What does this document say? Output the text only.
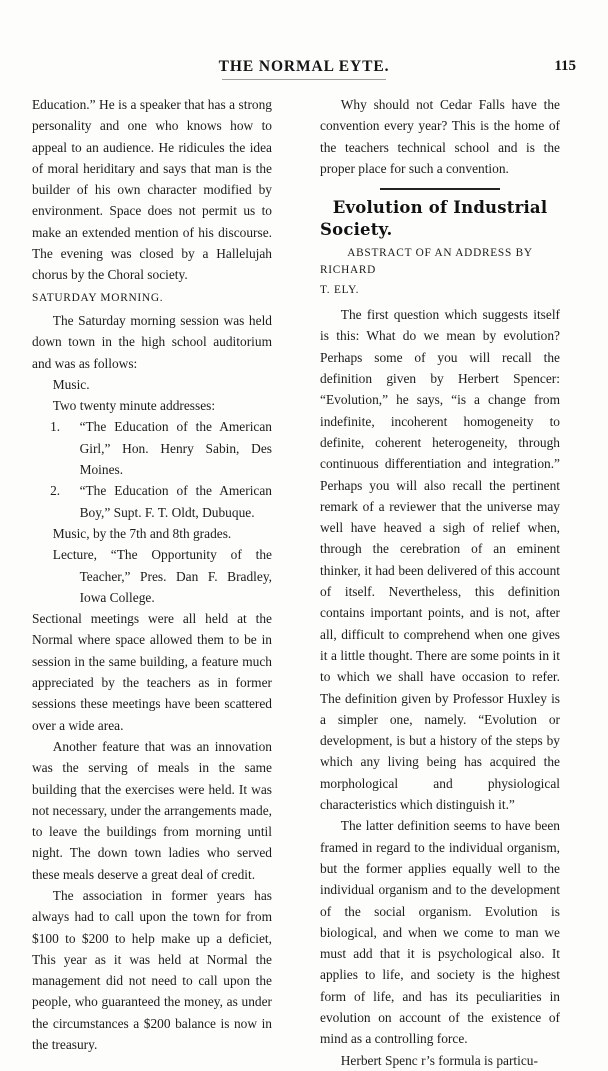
THE NORMAL EYTE.	115

Education.” He is a speaker that has a strong personality and one who knows how to appeal to an audience. He ridicules the idea of moral heriditary and says that man is the builder of his own character modified by environment. Space does not permit us to make an extended mention of his discourse. The evening was closed by a Hallelujah chorus by the Choral society.

SATURDAY MORNING.

The Saturday morning session was held down town in the high school auditorium and was as follows:

Music.

Two twenty minute addresses:

1. “The Education of the American Girl,” Hon. Henry Sabin, Des Moines.

2. “The Education of the American Boy,” Supt. F. T. Oldt, Dubuque.

Music, by the 7th and 8th grades.

Lecture, “The Opportunity of the Teacher,” Pres. Dan F. Bradley, Iowa College.

Sectional meetings were all held at the Normal where space allowed them to be in session in the same building, a feature much appreciated by the teachers as in former sessions these meetings have been scattered over a wide area.

Another feature that was an innovation was the serving of meals in the same building that the exercises were held. It was not necessary, under the arrangements made, to leave the buildings from morning until night. The down town ladies who served these meals deserve a great deal of credit.

The association in former years has always had to call upon the town for from $100 to $200 to help make up a deficiet, This year as it was held at Normal the management did not need to call upon the people, who guaranteed the money, as under the circumstances a $200 balance is now in the treasury.

Why should not Cedar Falls have the convention every year? This is the home of the teachers technical school and is the proper place for such a convention.

Evolution of Industrial Society.

ABSTRACT OF AN ADDRESS BY RICHARD

T. ELY.

The first question which suggests itself is this: What do we mean by evolution? Perhaps some of you will recall the definition given by Herbert Spencer: “Evolution,” he says, “is a change from indefinite, incoherent homogeneity to definite, coherent heterogeneity, through continuous differentiation and integration.” Perhaps you will also recall the pertinent remark of a reviewer that the universe may well have heaved a sigh of relief when, through the cerebration of an eminent thinker, it had been delivered of this account of itself. Nevertheless, this definition contains important points, and is not, after all, difficult to comprehend when one gives it a little thought. There are some points in it to which we shall have occasion to refer. The definition given by Professor Huxley is a simpler one, namely. “Evolution or development, is but a history of the steps by which any living being has acquired the morphological and physiological characteristics which distinguish it.”

The latter definition seems to have been framed in regard to the individual organism, but the former applies equally well to the individual organism and to the development of the social organism. Evolution is biological, and when we come to man we must add that it is psychological also. It applies to life, and society is the highest form of life, and has its peculiarities in evolution on account of the existence of mind as a controlling force.

Herbert Spenc r’s formula is particu-
